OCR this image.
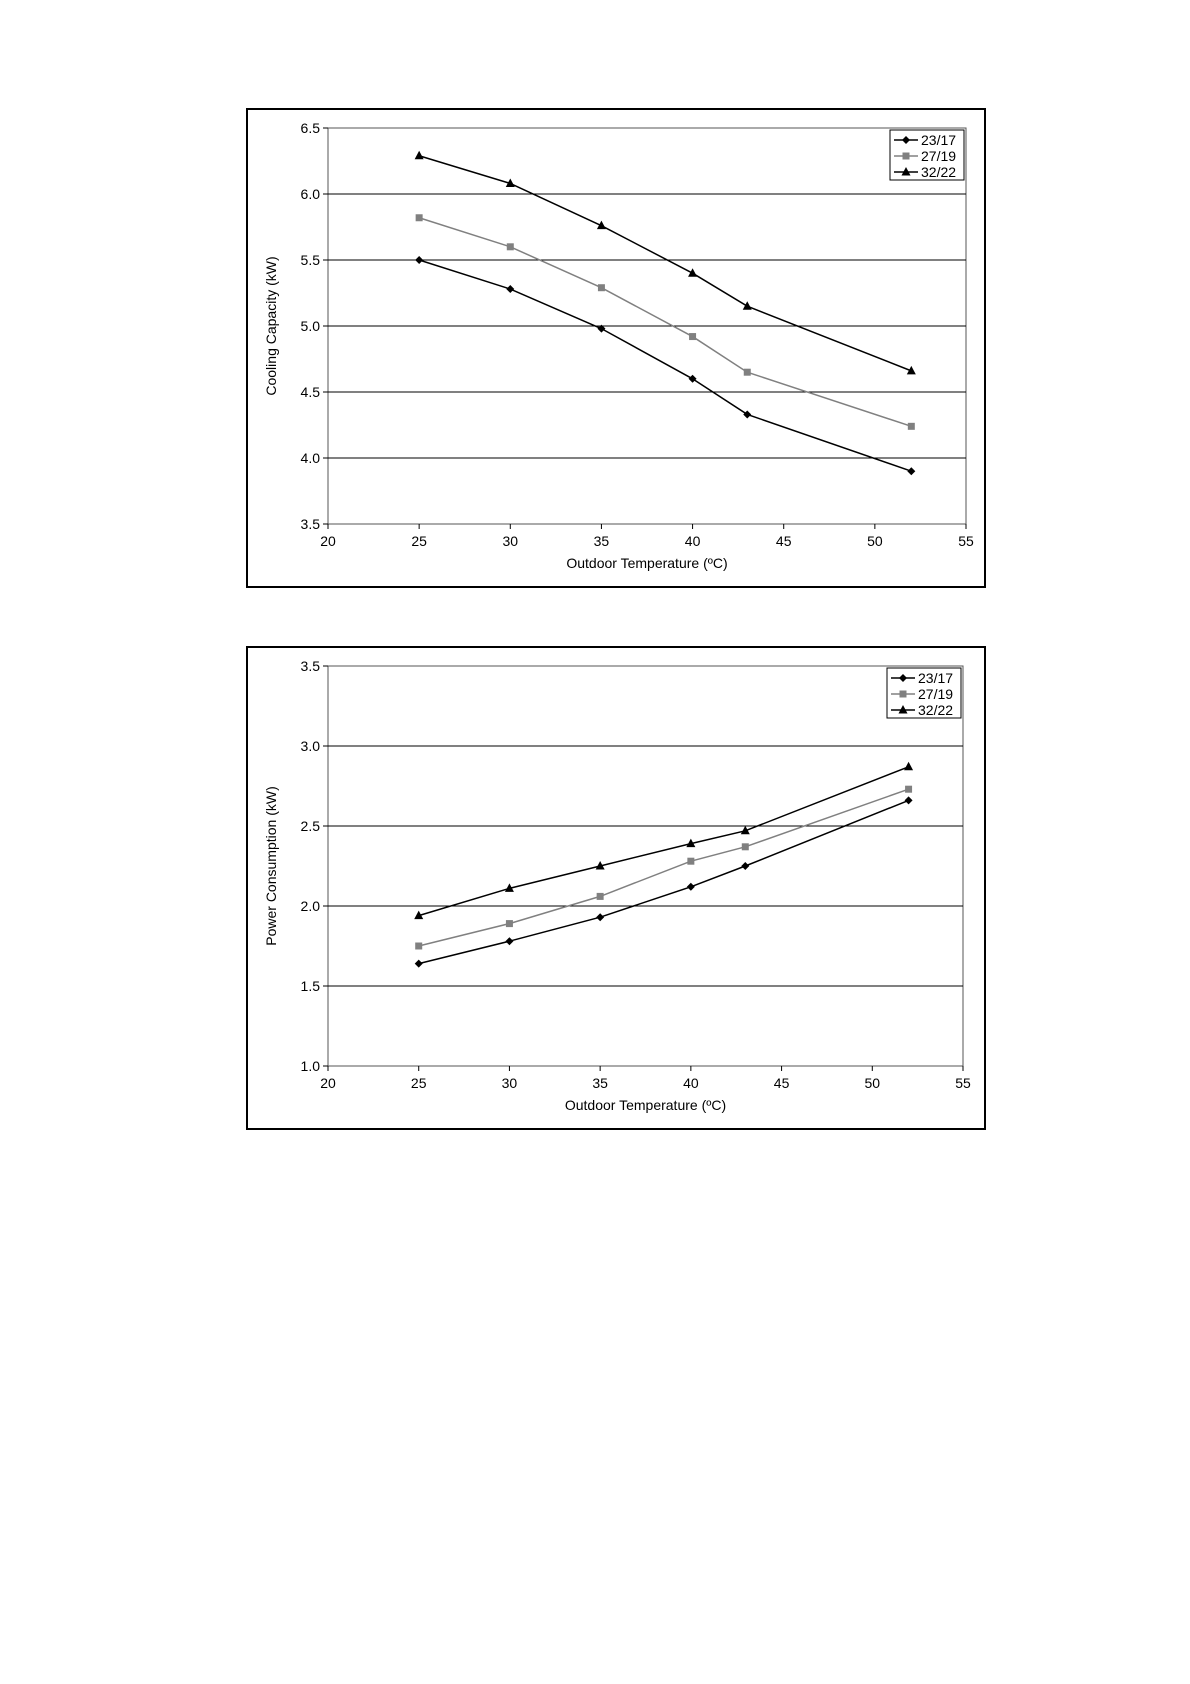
3.5
4.0
4.5
5.0
5.5
6.0
6.5
20	25	30	35	40	45	50	55
Outdoor Temperature (ºC)
Cooling Capacity (kW)
23/17
27/19
32/22
1.0
1.5
2.0
2.5
3.0
3.5
20	25	30	35	40	45	50	55
Outdoor Temperature (ºC)
Power Consumption (kW)
23/17
27/19
32/22
